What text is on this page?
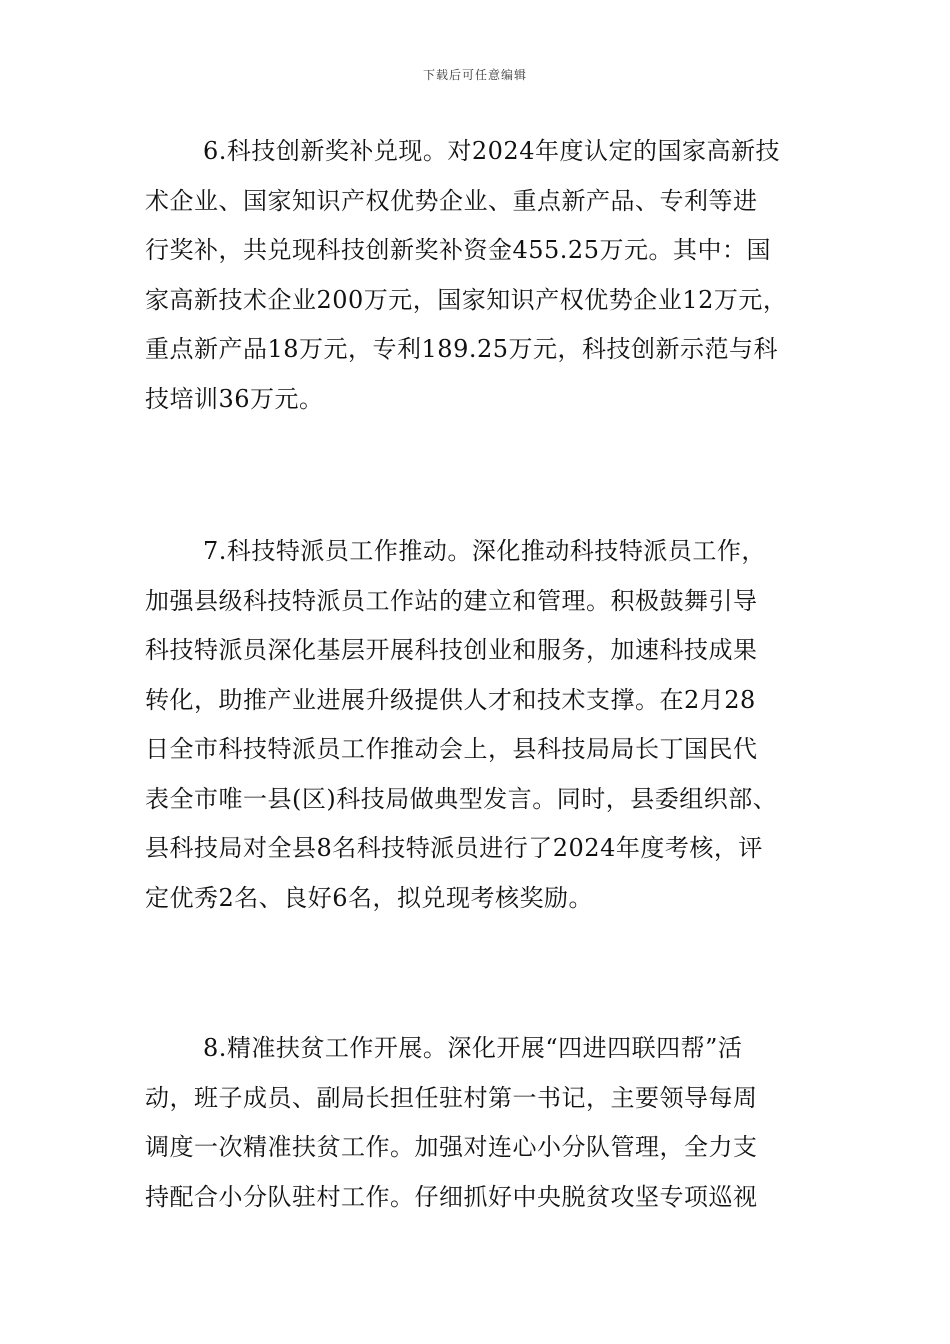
下载后可任意编辑
6.科技创新奖补兑现。对2024年度认定的国家高新技
术企业、国家知识产权优势企业、重点新产品、专利等进
行奖补，共兑现科技创新奖补资金455.25万元。其中：国
家高新技术企业200万元，国家知识产权优势企业12万元，
重点新产品18万元，专利189.25万元，科技创新示范与科
技培训36万元。
7.科技特派员工作推动。深化推动科技特派员工作，
加强县级科技特派员工作站的建立和管理。积极鼓舞引导
科技特派员深化基层开展科技创业和服务，加速科技成果
转化，助推产业进展升级提供人才和技术支撑。在2月28
日全市科技特派员工作推动会上，县科技局局长丁国民代
表全市唯一县(区)科技局做典型发言。同时，县委组织部、
县科技局对全县8名科技特派员进行了2024年度考核，评
定优秀2名、良好6名，拟兑现考核奖励。
8.精准扶贫工作开展。深化开展“四进四联四帮”活
动，班子成员、副局长担任驻村第一书记，主要领导每周
调度一次精准扶贫工作。加强对连心小分队管理，全力支
持配合小分队驻村工作。仔细抓好中央脱贫攻坚专项巡视
